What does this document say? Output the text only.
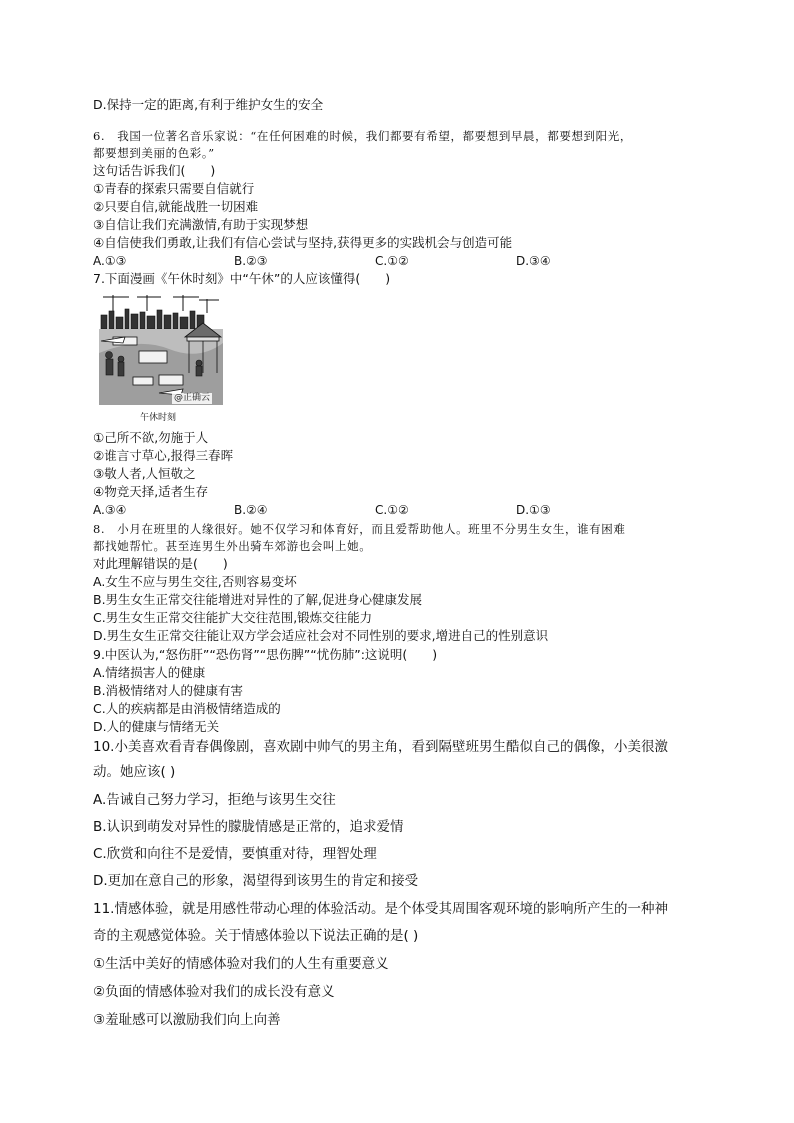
D.保持一定的距离,有利于维护女生的安全
6.　我国一位著名音乐家说：“在任何困难的时候，我们都要有希望，都要想到早晨，都要想到阳光，
都要想到美丽的色彩。”
这句话告诉我们(　　)
①青春的探索只需要自信就行
②只要自信,就能战胜一切困难
③自信让我们充满激情,有助于实现梦想
④自信使我们勇敢,让我们有信心尝试与坚持,获得更多的实践机会与创造可能
A.①③	B.②③	C.①②	D.③④
7.下面漫画《午休时刻》中“午休”的人应该懂得(　　)
@正确云
午休时刻
①己所不欲,勿施于人
②谁言寸草心,报得三春晖
③敬人者,人恒敬之
④物竞天择,适者生存
A.③④	B.②④	C.①②	D.①③
8.　小月在班里的人缘很好。她不仅学习和体育好，而且爱帮助他人。班里不分男生女生，谁有困难
都找她帮忙。甚至连男生外出骑车郊游也会叫上她。
对此理解错误的是(　　)
A.女生不应与男生交往,否则容易变坏
B.男生女生正常交往能增进对异性的了解,促进身心健康发展
C.男生女生正常交往能扩大交往范围,锻炼交往能力
D.男生女生正常交往能让双方学会适应社会对不同性别的要求,增进自己的性别意识
9.中医认为,“怒伤肝”“恐伤肾”“思伤脾”“忧伤肺”:这说明(　　)
A.情绪损害人的健康
B.消极情绪对人的健康有害
C.人的疾病都是由消极情绪造成的
D.人的健康与情绪无关
10.小美喜欢看青春偶像剧，喜欢剧中帅气的男主角，看到隔壁班男生酷似自己的偶像，小美很激
动。她应该( )
A.告诫自己努力学习，拒绝与该男生交往
B.认识到萌发对异性的朦胧情感是正常的，追求爱情
C.欣赏和向往不是爱情，要慎重对待，理智处理
D.更加在意自己的形象，渴望得到该男生的肯定和接受
11.情感体验，就是用感性带动心理的体验活动。是个体受其周围客观环境的影响所产生的一种神
奇的主观感觉体验。关于情感体验以下说法正确的是( )
①生活中美好的情感体验对我们的人生有重要意义
②负面的情感体验对我们的成长没有意义
③羞耻感可以激励我们向上向善
